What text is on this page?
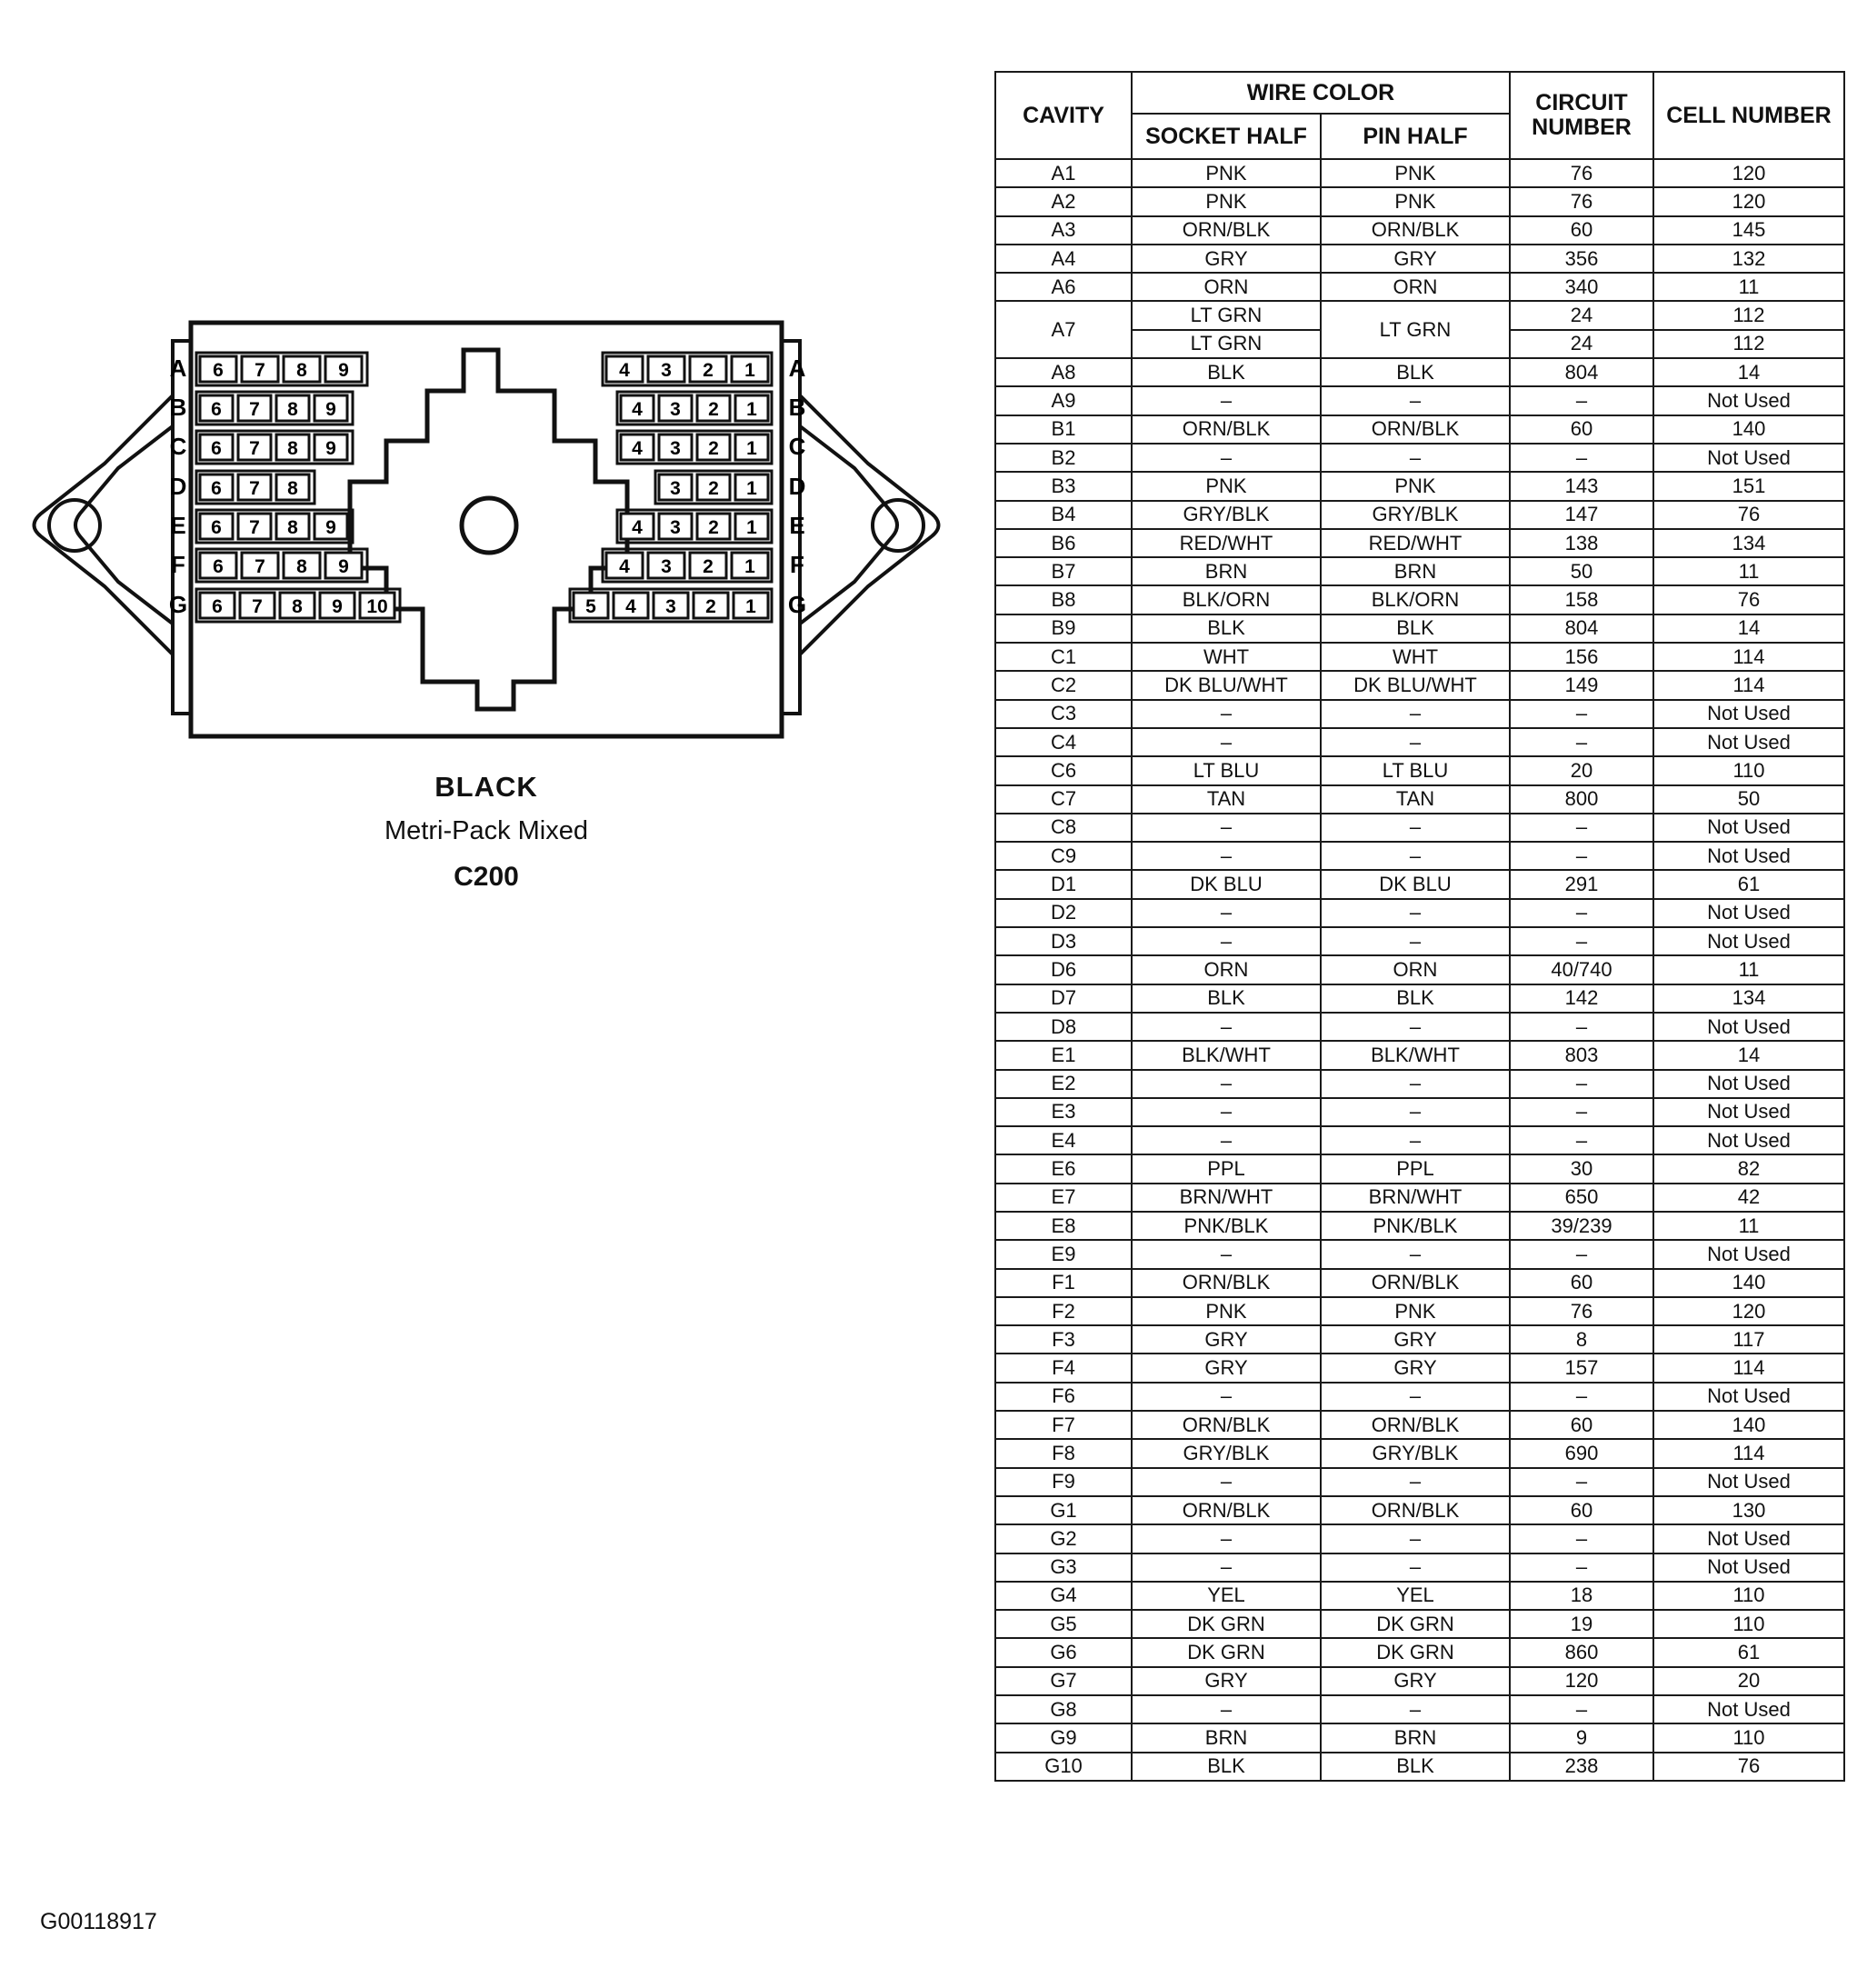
A	A
6 7 8 9	4 3 2 1
B	B
6 7 8 9	4 3 2 1
C	C
6 7 8 9	4 3 2 1
D	D
6 7 8	3 2 1
E	E
6 7 8 9	4 3 2 1
F	F
6 7 8 9	4 3 2 1
G	G
6 7 8 9 10	5 4 3 2 1
BLACK
Metri-Pack Mixed
C200
G00118917
CAVITY	WIRE COLOR		CIRCUIT NUMBER	CELL NUMBER
	SOCKET HALF	PIN HALF		
A1	PNK	PNK	76	120
A2	PNK	PNK	76	120
A3	ORN/BLK	ORN/BLK	60	145
A4	GRY	GRY	356	132
A6	ORN	ORN	340	11
A7	LT GRN	LT GRN	24	112
	LT GRN		24	112
A8	BLK	BLK	804	14
A9	–	–	–	Not Used
B1	ORN/BLK	ORN/BLK	60	140
B2	–	–	–	Not Used
B3	PNK	PNK	143	151
B4	GRY/BLK	GRY/BLK	147	76
B6	RED/WHT	RED/WHT	138	134
B7	BRN	BRN	50	11
B8	BLK/ORN	BLK/ORN	158	76
B9	BLK	BLK	804	14
C1	WHT	WHT	156	114
C2	DK BLU/WHT	DK BLU/WHT	149	114
C3	–	–	–	Not Used
C4	–	–	–	Not Used
C6	LT BLU	LT BLU	20	110
C7	TAN	TAN	800	50
C8	–	–	–	Not Used
C9	–	–	–	Not Used
D1	DK BLU	DK BLU	291	61
D2	–	–	–	Not Used
D3	–	–	–	Not Used
D6	ORN	ORN	40/740	11
D7	BLK	BLK	142	134
D8	–	–	–	Not Used
E1	BLK/WHT	BLK/WHT	803	14
E2	–	–	–	Not Used
E3	–	–	–	Not Used
E4	–	–	–	Not Used
E6	PPL	PPL	30	82
E7	BRN/WHT	BRN/WHT	650	42
E8	PNK/BLK	PNK/BLK	39/239	11
E9	–	–	–	Not Used
F1	ORN/BLK	ORN/BLK	60	140
F2	PNK	PNK	76	120
F3	GRY	GRY	8	117
F4	GRY	GRY	157	114
F6	–	–	–	Not Used
F7	ORN/BLK	ORN/BLK	60	140
F8	GRY/BLK	GRY/BLK	690	114
F9	–	–	–	Not Used
G1	ORN/BLK	ORN/BLK	60	130
G2	–	–	–	Not Used
G3	–	–	–	Not Used
G4	YEL	YEL	18	110
G5	DK GRN	DK GRN	19	110
G6	DK GRN	DK GRN	860	61
G7	GRY	GRY	120	20
G8	–	–	–	Not Used
G9	BRN	BRN	9	110
G10	BLK	BLK	238	76
